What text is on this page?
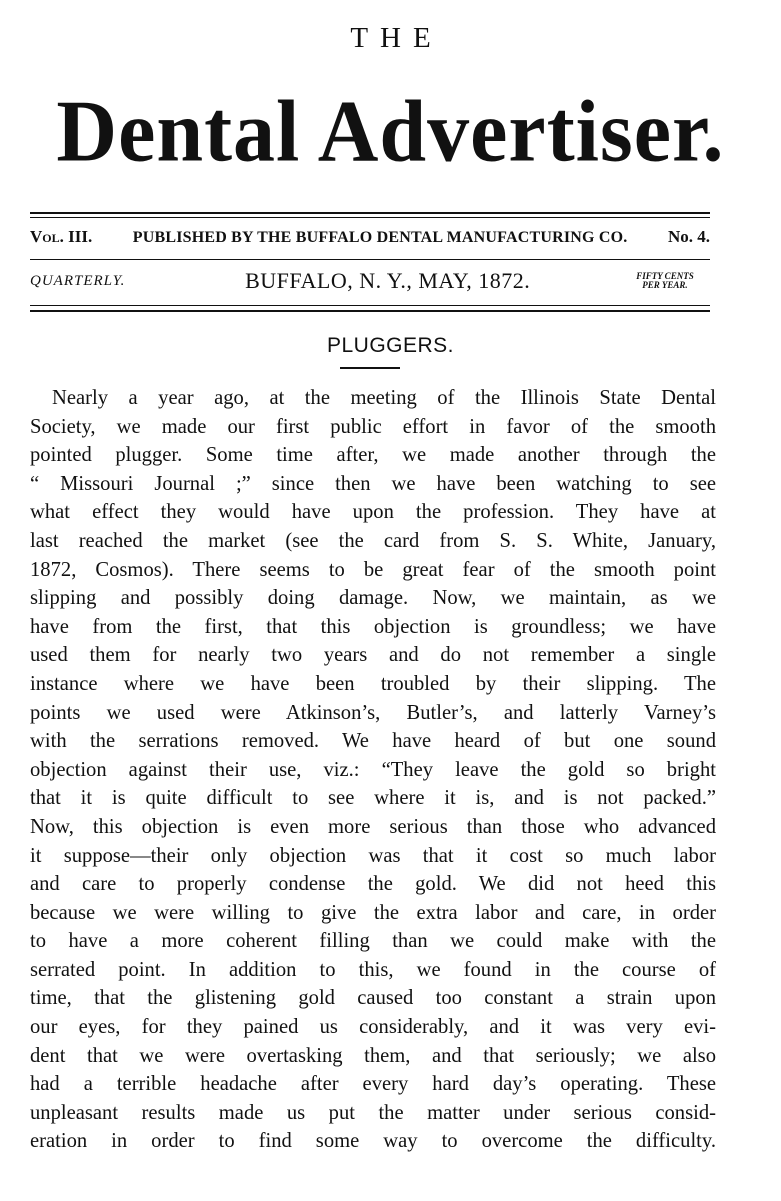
THE
Dental Advertiser.
Vol. III.	PUBLISHED BY THE BUFFALO DENTAL MANUFACTURING CO. No. 4.
QUARTERLY.	BUFFALO, N. Y., MAY, 1872.	FIFTY CENTS
PER YEAR.
PLUGGERS.
Nearly a year ago, at the meeting of the Illinois State Dental
Society, we made our first public effort in favor of the smooth
pointed plugger. Some time after, we made another through the
“ Missouri Journal ;” since then we have been watching to see
what effect they would have upon the profession. They have at
last reached the market (see the card from S. S. White, January,
1872, Cosmos). There seems to be great fear of the smooth point
slipping and possibly doing damage. Now, we maintain, as we
have from the first, that this objection is groundless; we have
used them for nearly two years and do not remember a single
instance where we have been troubled by their slipping. The
points we used were Atkinson’s, Butler’s, and latterly Varney’s
with the serrations removed. We have heard of but one sound
objection against their use, viz.: “They leave the gold so bright
that it is quite difficult to see where it is, and is not packed.”
Now, this objection is even more serious than those who advanced
it suppose—their only objection was that it cost so much labor
and care to properly condense the gold. We did not heed this
because we were willing to give the extra labor and care, in order
to have a more coherent filling than we could make with the
serrated point. In addition to this, we found in the course of
time, that the glistening gold caused too constant a strain upon
our eyes, for they pained us considerably, and it was very evi-
dent that we were overtasking them, and that seriously; we also
had a terrible headache after every hard day’s operating. These
unpleasant results made us put the matter under serious consid-
eration in order to find some way to overcome the difficulty.
